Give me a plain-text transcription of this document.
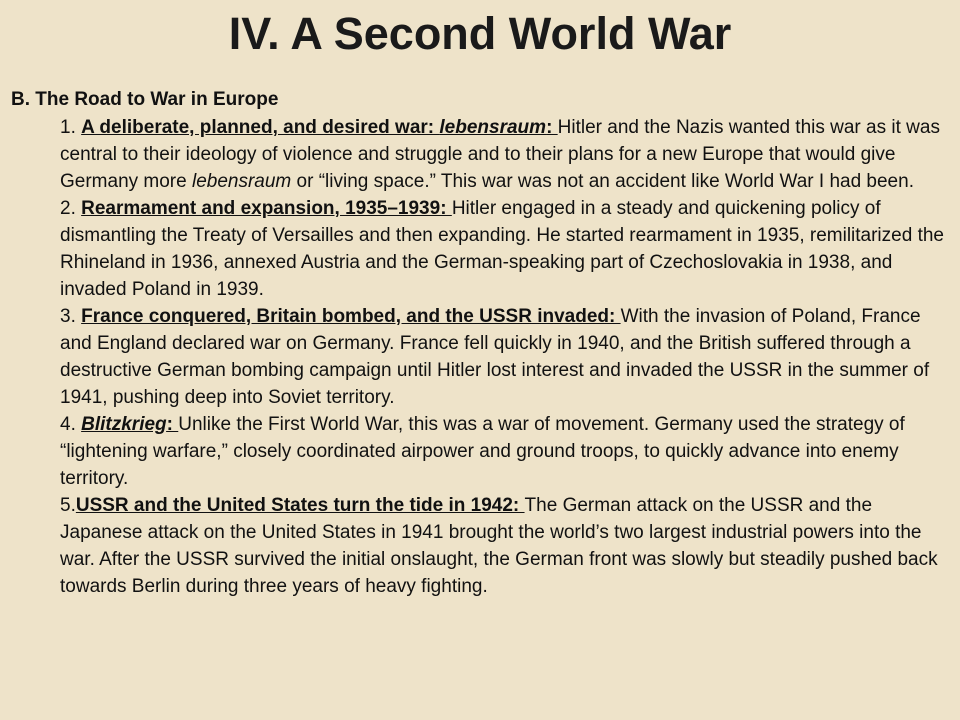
IV. A Second World War
B. The Road to War in Europe

1. A deliberate, planned, and desired war: lebensraum: Hitler and the Nazis wanted this war as it was central to their ideology of violence and struggle and to their plans for a new Europe that would give Germany more lebensraum or “living space.” This war was not an accident like World War I had been.

2. Rearmament and expansion, 1935–1939: Hitler engaged in a steady and quickening policy of dismantling the Treaty of Versailles and then expanding. He started rearmament in 1935, remilitarized the Rhineland in 1936, annexed Austria and the German-speaking part of Czechoslovakia in 1938, and invaded Poland in 1939.

3. France conquered, Britain bombed, and the USSR invaded: With the invasion of Poland, France and England declared war on Germany. France fell quickly in 1940, and the British suffered through a destructive German bombing campaign until Hitler lost interest and invaded the USSR in the summer of 1941, pushing deep into Soviet territory.

4. Blitzkrieg: Unlike the First World War, this was a war of movement. Germany used the strategy of “lightening warfare,” closely coordinated airpower and ground troops, to quickly advance into enemy territory.

5.USSR and the United States turn the tide in 1942: The German attack on the USSR and the Japanese attack on the United States in 1941 brought the world’s two largest industrial powers into the war. After the USSR survived the initial onslaught, the German front was slowly but steadily pushed back towards Berlin during three years of heavy fighting.
